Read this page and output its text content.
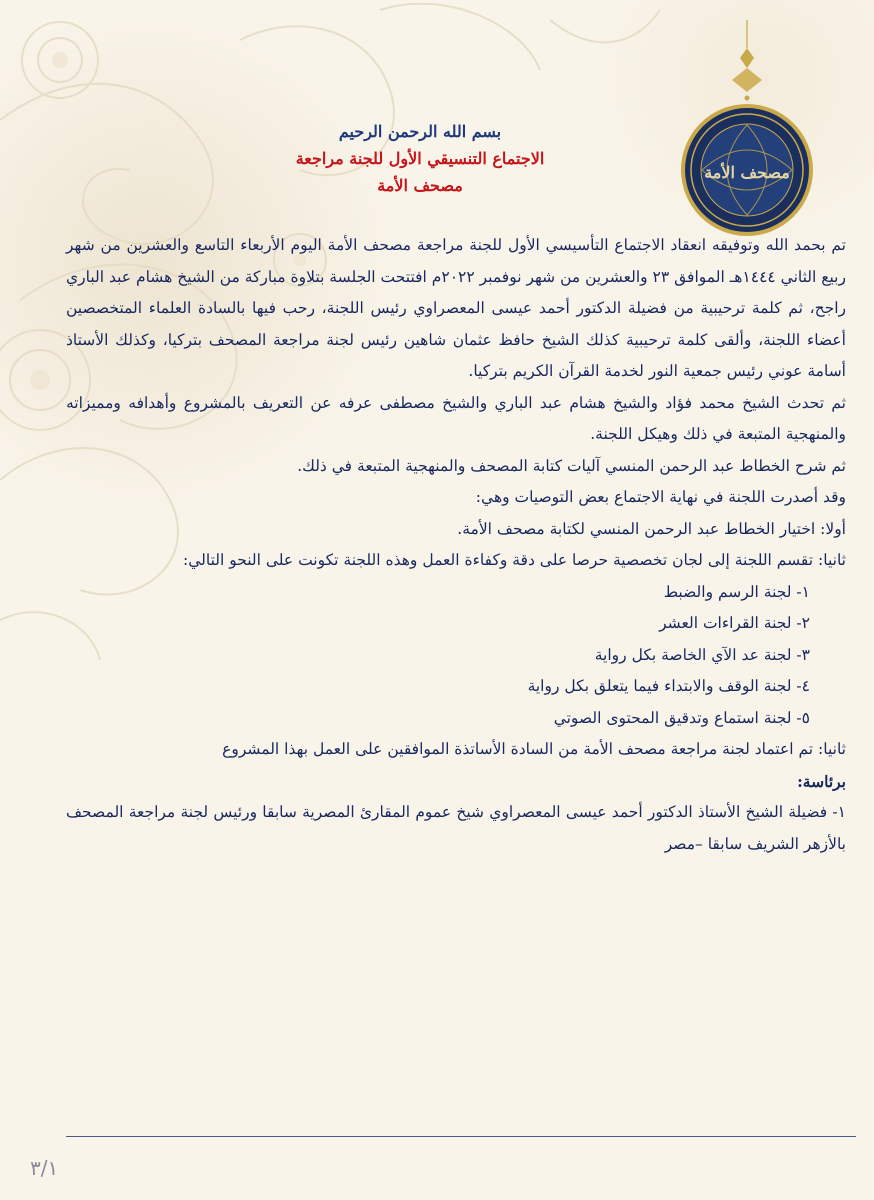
مصحف الأمة
بسم الله الرحمن الرحيم
الاجتماع التنسيقي الأول للجنة مراجعة
مصحف الأمة

تم بحمد الله وتوفيقه انعقاد الاجتماع التأسيسي الأول للجنة مراجعة مصحف الأمة اليوم الأربعاء التاسع والعشرين من شهر ربيع الثاني ١٤٤٤هـ الموافق ٢٣ والعشرين من شهر نوفمبر ٢٠٢٢م افتتحت الجلسة بتلاوة مباركة من الشيخ هشام عبد الباري راجح، ثم كلمة ترحيبية من فضيلة الدكتور أحمد عيسى المعصراوي رئيس اللجنة، رحب فيها بالسادة العلماء المتخصصين أعضاء اللجنة، وألقى كلمة ترحيبية كذلك الشيخ حافظ عثمان شاهين رئيس لجنة مراجعة المصحف بتركيا، وكذلك الأستاذ أسامة عوني رئيس جمعية النور لخدمة القرآن الكريم بتركيا.

ثم تحدث الشيخ محمد فؤاد والشيخ هشام عبد الباري والشيخ مصطفى عرفه عن التعريف بالمشروع وأهدافه ومميزاته والمنهجية المتبعة في ذلك وهيكل اللجنة.

ثم شرح الخطاط عبد الرحمن المنسي آليات كتابة المصحف والمنهجية المتبعة في ذلك.

وقد أصدرت اللجنة في نهاية الاجتماع بعض التوصيات وهي:

أولا: اختيار الخطاط عبد الرحمن المنسي لكتابة مصحف الأمة.

ثانيا: تقسم اللجنة إلى لجان تخصصية حرصا على دقة وكفاءة العمل وهذه اللجنة تكونت على النحو التالي:

١- لجنة الرسم والضبط

٢- لجنة القراءات العشر

٣- لجنة عد الآي الخاصة بكل رواية

٤- لجنة الوقف والابتداء فيما يتعلق بكل رواية

٥- لجنة استماع وتدقيق المحتوى الصوتي

ثانيا: تم اعتماد لجنة مراجعة مصحف الأمة من السادة الأساتذة الموافقين على العمل بهذا المشروع

برئاسة:

١- فضيلة الشيخ الأستاذ الدكتور أحمد عيسى المعصراوي شيخ عموم المقارئ المصرية سابقا ورئيس لجنة مراجعة المصحف بالأزهر الشريف سابقا –مصر

٣/١
